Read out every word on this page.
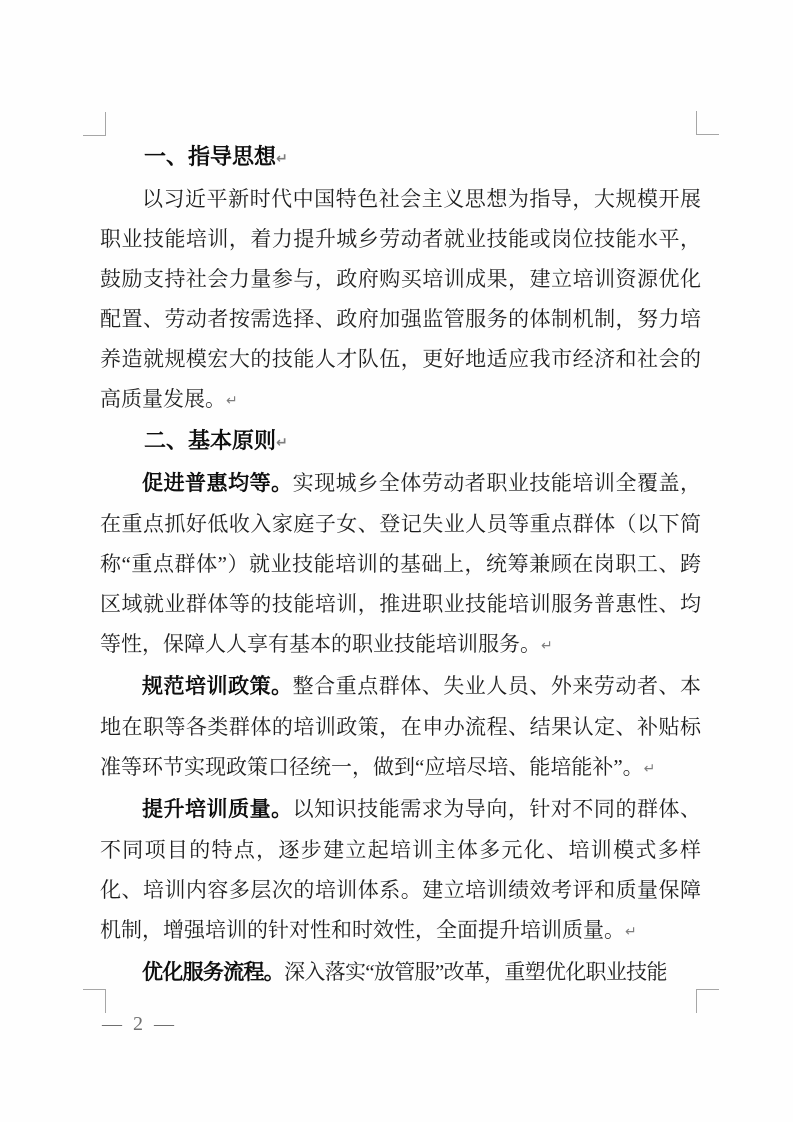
一、指导思想↵

以习近平新时代中国特色社会主义思想为指导，大规模开展职业技能培训，着力提升城乡劳动者就业技能或岗位技能水平，鼓励支持社会力量参与，政府购买培训成果，建立培训资源优化配置、劳动者按需选择、政府加强监管服务的体制机制，努力培养造就规模宏大的技能人才队伍，更好地适应我市经济和社会的高质量发展。↵

二、基本原则↵

促进普惠均等。实现城乡全体劳动者职业技能培训全覆盖，在重点抓好低收入家庭子女、登记失业人员等重点群体（以下简称“重点群体”）就业技能培训的基础上，统筹兼顾在岗职工、跨区域就业群体等的技能培训，推进职业技能培训服务普惠性、均等性，保障人人享有基本的职业技能培训服务。↵

规范培训政策。整合重点群体、失业人员、外来劳动者、本地在职等各类群体的培训政策，在申办流程、结果认定、补贴标准等环节实现政策口径统一，做到“应培尽培、能培能补”。↵

提升培训质量。以知识技能需求为导向，针对不同的群体、不同项目的特点，逐步建立起培训主体多元化、培训模式多样化、培训内容多层次的培训体系。建立培训绩效考评和质量保障机制，增强培训的针对性和时效性，全面提升培训质量。↵

优化服务流程。深入落实“放管服”改革，重塑优化职业技能

— 2 —
